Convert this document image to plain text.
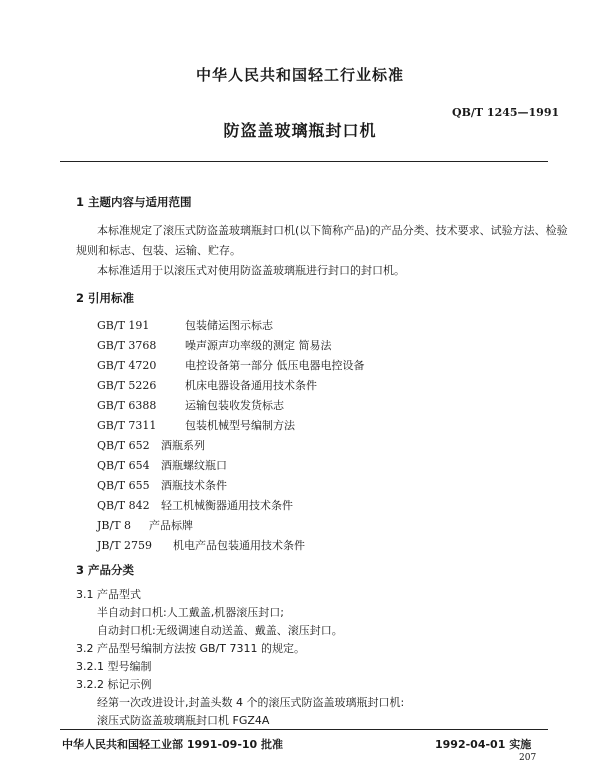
中华人民共和国轻工行业标准
QB/T 1245—1991
防盗盖玻璃瓶封口机
1 主题内容与适用范围
本标准规定了滚压式防盗盖玻璃瓶封口机(以下简称产品)的产品分类、技术要求、试验方法、检验
规则和标志、包装、运输、贮存。
本标准适用于以滚压式对使用防盗盖玻璃瓶进行封口的封口机。
2 引用标准
GB/T 191	包装储运图示标志
GB/T 3768	噪声源声功率级的测定 简易法
GB/T 4720	电控设备第一部分 低压电器电控设备
GB/T 5226	机床电器设备通用技术条件
GB/T 6388	运输包装收发货标志
GB/T 7311	包装机械型号编制方法
QB/T 652 酒瓶系列
QB/T 654 酒瓶螺纹瓶口
QB/T 655 酒瓶技术条件
QB/T 842 轻工机械衡器通用技术条件
JB/T 8 产品标牌
JB/T 2759 机电产品包装通用技术条件
3 产品分类
3.1 产品型式
半自动封口机:人工戴盖,机器滚压封口;
自动封口机:无级调速自动送盖、戴盖、滚压封口。
3.2 产品型号编制方法按 GB/T 7311 的规定。
3.2.1 型号编制
3.2.2 标记示例
经第一次改进设计,封盖头数 4 个的滚压式防盗盖玻璃瓶封口机:
中华人民共和国轻工业部 1991-09-10 批准	1992-04-01 实施
207
滚压式防盗盖玻璃瓶封口机 FGZ4A
